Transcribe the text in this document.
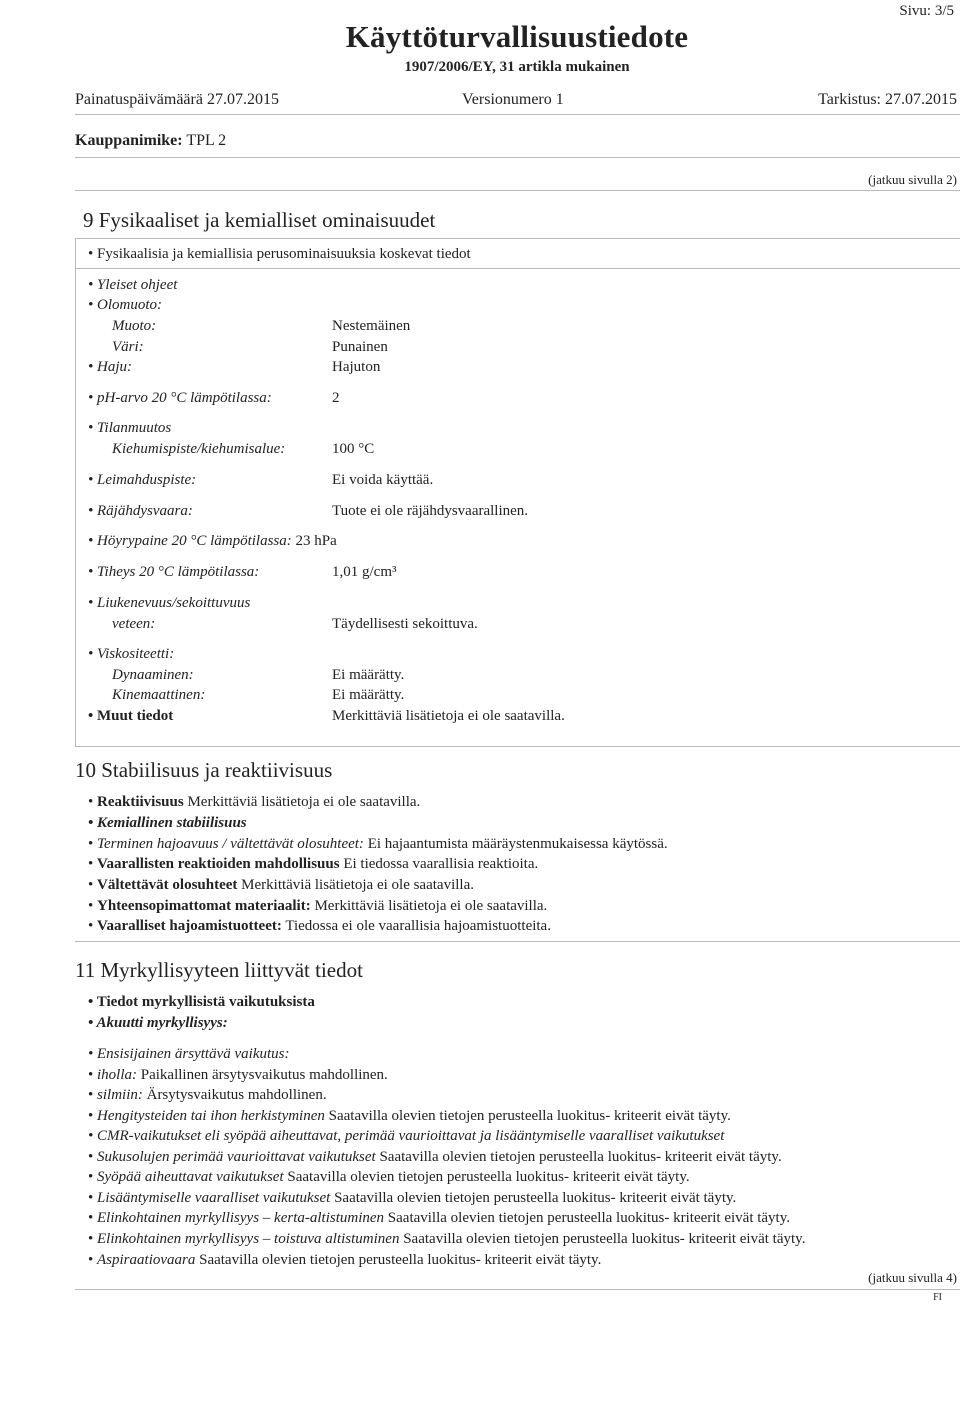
Sivu: 3/5
Käyttöturvallisuustiedote
1907/2006/EY, 31 artikla mukainen
Painatuspäivämäärä 27.07.2015	Versionumero 1	Tarkistus: 27.07.2015
Kauppanimike: TPL 2
(jatkuu sivulla 2)
9 Fysikaaliset ja kemialliset ominaisuudet
• Fysikaalisia ja kemiallisia perusominaisuuksia koskevat tiedot
• Yleiset ohjeet
• Olomuoto:
Muoto:	Nestemäinen
Väri:	Punainen
• Haju:	Hajuton
• pH-arvo 20 °C lämpötilassa:	2
• Tilanmuutos
Kiehumispiste/kiehumisalue:	100 °C
• Leimahduspiste:	Ei voida käyttää.
• Räjähdysvaara:	Tuote ei ole räjähdysvaarallinen.
• Höyrypaine 20 °C lämpötilassa: 23 hPa
• Tiheys 20 °C lämpötilassa:	1,01 g/cm³
• Liukenevuus/sekoittuvuus
veteen:	Täydellisesti sekoittuva.
• Viskositeetti:
Dynaaminen:	Ei määrätty.
Kinemaattinen:	Ei määrätty.
• Muut tiedot	Merkittäviä lisätietoja ei ole saatavilla.
10 Stabiilisuus ja reaktiivisuus
• Reaktiivisuus Merkittäviä lisätietoja ei ole saatavilla.
• Kemiallinen stabiilisuus
• Terminen hajoavuus / vältettävät olosuhteet: Ei hajaantumista määräystenmukaisessa käytössä.
• Vaarallisten reaktioiden mahdollisuus Ei tiedossa vaarallisia reaktioita.
• Vältettävät olosuhteet Merkittäviä lisätietoja ei ole saatavilla.
• Yhteensopimattomat materiaalit: Merkittäviä lisätietoja ei ole saatavilla.
• Vaaralliset hajoamistuotteet: Tiedossa ei ole vaarallisia hajoamistuotteita.
11 Myrkyllisyyteen liittyvät tiedot
• Tiedot myrkyllisistä vaikutuksista
• Akuutti myrkyllisyys:
• Ensisijainen ärsyttävä vaikutus:
• iholla: Paikallinen ärsytysvaikutus mahdollinen.
• silmiin: Ärsytysvaikutus mahdollinen.
• Hengitysteiden tai ihon herkistyminen Saatavilla olevien tietojen perusteella luokitus- kriteerit eivät täyty.
• CMR-vaikutukset eli syöpää aiheuttavat, perimää vaurioittavat ja lisääntymiselle vaaralliset vaikutukset
• Sukusolujen perimää vaurioittavat vaikutukset Saatavilla olevien tietojen perusteella luokitus- kriteerit eivät täyty.
• Syöpää aiheuttavat vaikutukset Saatavilla olevien tietojen perusteella luokitus- kriteerit eivät täyty.
• Lisääntymiselle vaaralliset vaikutukset Saatavilla olevien tietojen perusteella luokitus- kriteerit eivät täyty.
• Elinkohtainen myrkyllisyys – kerta-altistuminen Saatavilla olevien tietojen perusteella luokitus- kriteerit eivät täyty.
• Elinkohtainen myrkyllisyys – toistuva altistuminen Saatavilla olevien tietojen perusteella luokitus- kriteerit eivät täyty.
• Aspiraatiovaara Saatavilla olevien tietojen perusteella luokitus- kriteerit eivät täyty.
(jatkuu sivulla 4)
FI
